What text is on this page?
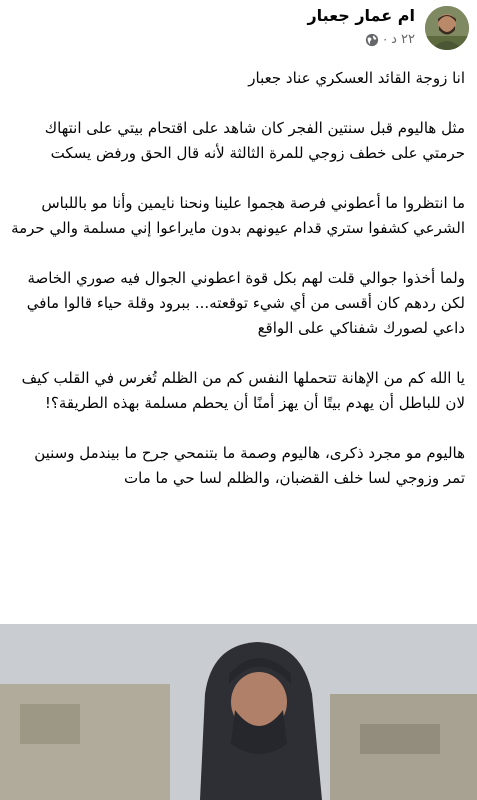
ام عمار جعبار
٢٢ د
·

انا زوجة القائد العسكري عناد جعبار

مثل هاليوم قبل سنتين الفجر كان شاهد على اقتحام بيتي على انتهاك حرمتي على خطف زوجي للمرة الثالثة لأنه قال الحق ورفض يسكت

ما انتظروا ما أعطوني فرصة هجموا علينا ونحنا نايمين وأنا مو باللباس الشرعي كشفوا ستري قدام عيونهم بدون مايراعوا إني مسلمة والي حرمة

ولما أخذوا جوالي قلت لهم بكل قوة اعطوني الجوال فيه صوري الخاصة لكن ردهم كان أقسى من أي شيء توقعته... ببرود وقلة حياء قالوا مافي داعي لصورك شفناكي على الواقع

يا الله كم من الإهانة تتحملها النفس كم من الظلم تُغرس في القلب كيف لان للباطل أن يهدم بيتًا أن يهز أمنًا أن يحطم مسلمة بهذه الطريقة؟!

هاليوم مو مجرد ذكرى، هاليوم وصمة ما بتنمحي جرح ما بيندمل وسنين تمر وزوجي لسا خلف القضبان، والظلم لسا حي ما مات
